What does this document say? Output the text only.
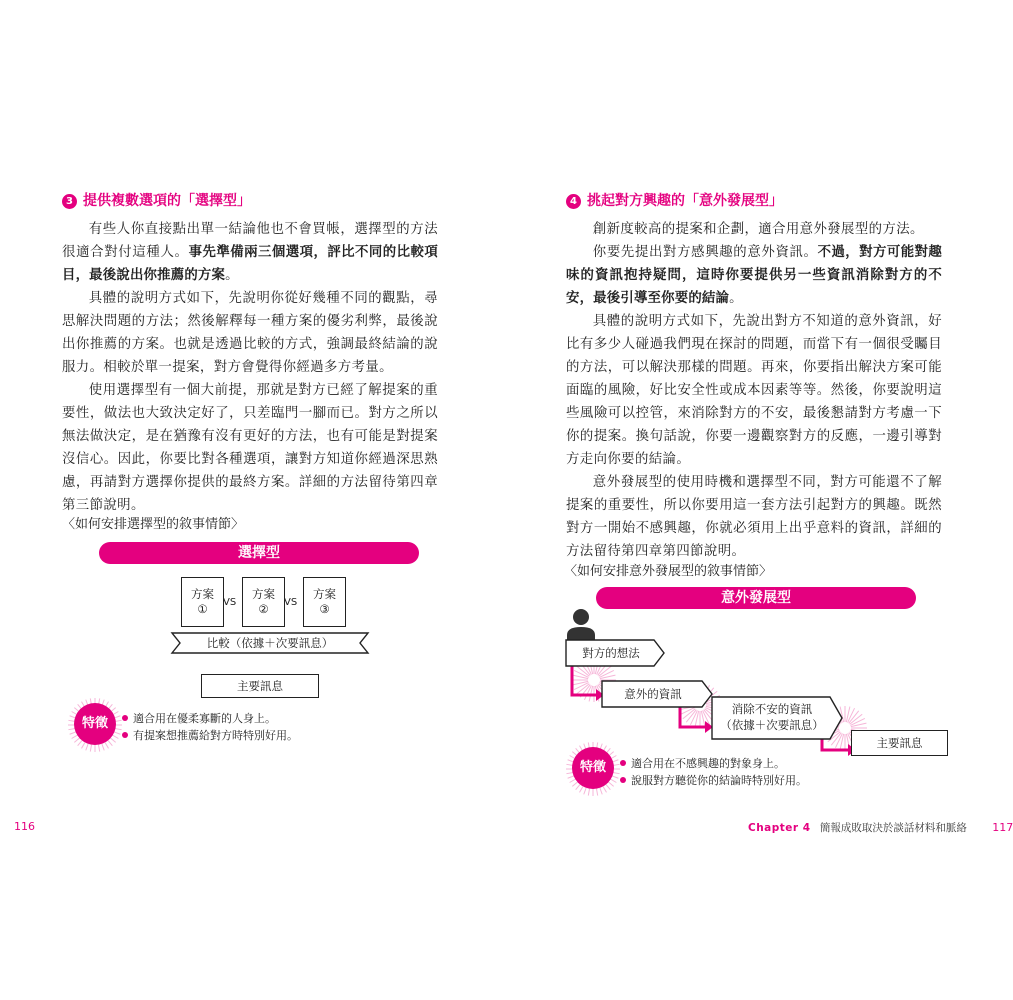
3 提供複數選項的「選擇型」

有些人你直接點出單一結論他也不會買帳，選擇型的方法很適合對付這種人。事先準備兩三個選項，評比不同的比較項目，最後說出你推薦的方案。

具體的說明方式如下，先說明你從好幾種不同的觀點，尋思解決問題的方法；然後解釋每一種方案的優劣利弊，最後說出你推薦的方案。也就是透過比較的方式，強調最終結論的說服力。相較於單一提案，對方會覺得你經過多方考量。

使用選擇型有一個大前提，那就是對方已經了解提案的重要性，做法也大致決定好了，只差臨門一腳而已。對方之所以無法做決定，是在猶豫有沒有更好的方法，也有可能是對提案沒信心。因此，你要比對各種選項，讓對方知道你經過深思熟慮，再請對方選擇你提供的最終方案。詳細的方法留待第四章第三節說明。

〈如何安排選擇型的敘事情節〉
選擇型
方案
①	VS
方案
②	VS
方案
③
比較（依據＋次要訊息）
主要訊息
特徵	適合用在優柔寡斷的人身上。
有提案想推薦給對方時特別好用。
116
4 挑起對方興趣的「意外發展型」

創新度較高的提案和企劃，適合用意外發展型的方法。

你要先提出對方感興趣的意外資訊。不過，對方可能對趣味的資訊抱持疑問，這時你要提供另一些資訊消除對方的不安，最後引導至你要的結論。

具體的說明方式如下，先說出對方不知道的意外資訊，好比有多少人碰過我們現在探討的問題，而當下有一個很受矚目的方法，可以解決那樣的問題。再來，你要指出解決方案可能面臨的風險，好比安全性或成本因素等等。然後，你要說明這些風險可以控管，來消除對方的不安，最後懇請對方考慮一下你的提案。換句話說，你要一邊觀察對方的反應，一邊引導對方走向你要的結論。

意外發展型的使用時機和選擇型不同，對方可能還不了解提案的重要性，所以你要用這一套方法引起對方的興趣。既然對方一開始不感興趣，你就必須用上出乎意料的資訊，詳細的方法留待第四章第四節說明。

〈如何安排意外發展型的敘事情節〉
意外發展型
對方的想法
意外的資訊
消除不安的資訊
（依據＋次要訊息）
主要訊息
特徵	適合用在不感興趣的對象身上。
說服對方聽從你的結論時特別好用。
Chapter 4 簡報成敗取決於談話材料和脈絡 117
